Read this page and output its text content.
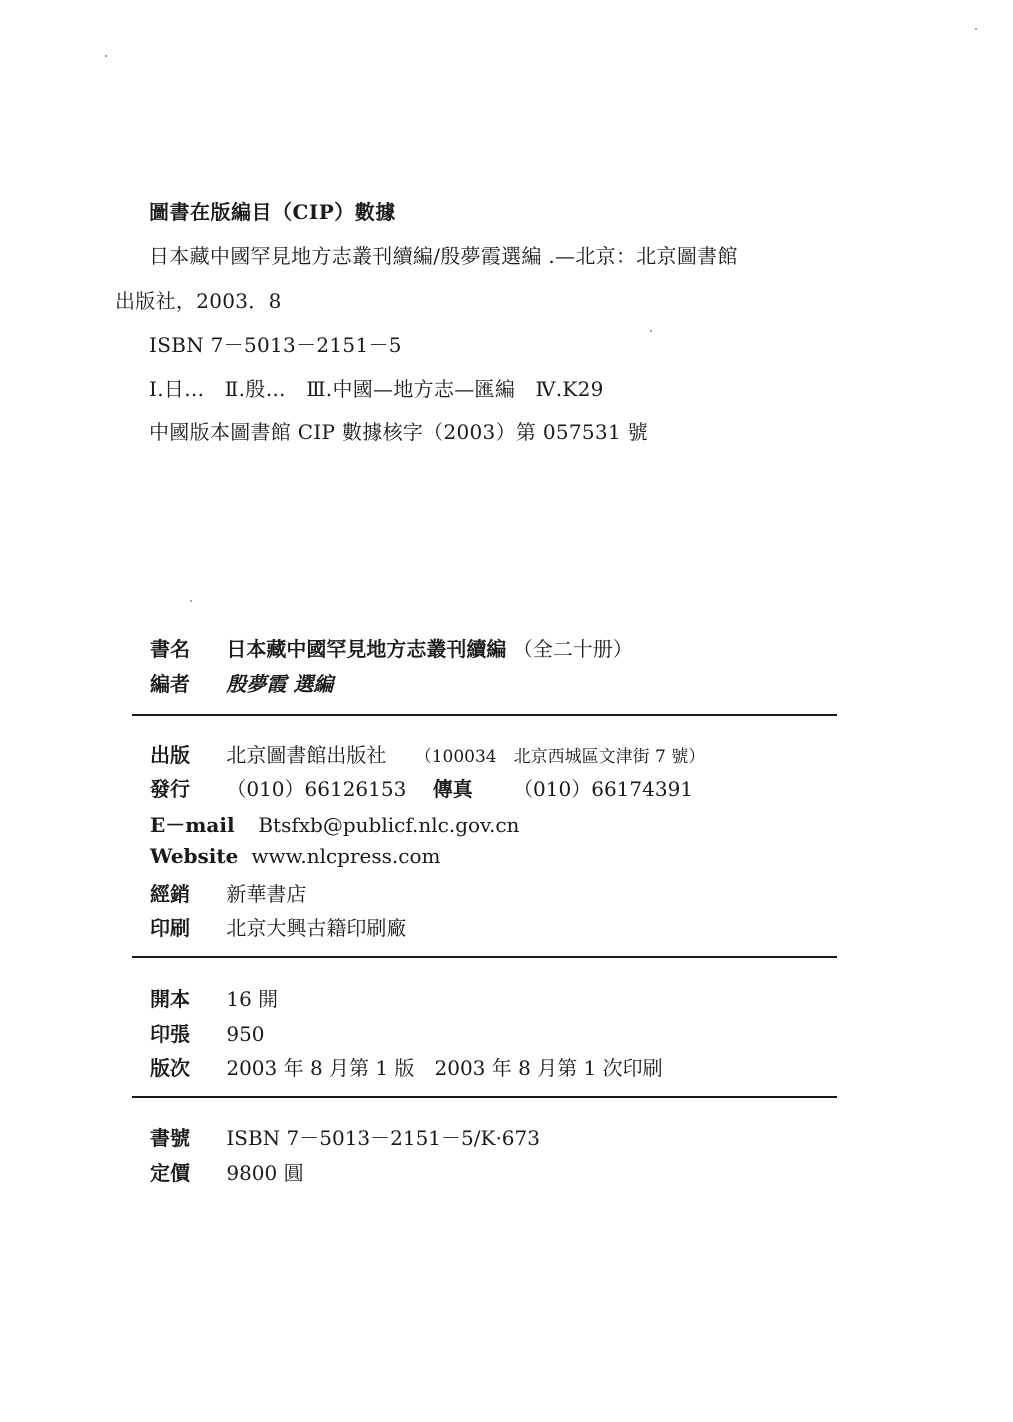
圖書在版編目（CIP）數據
日本藏中國罕見地方志叢刊續編/殷夢霞選編 .—北京：北京圖書館
出版社，2003．8
ISBN 7－5013－2151－5
Ⅰ.日…　Ⅱ.殷…　Ⅲ.中國—地方志—匯編　Ⅳ.K29
中國版本圖書館 CIP 數據核字（2003）第 057531 號
書名 日本藏中國罕見地方志叢刊續編 （全二十册）
編者 殷夢霞 選編
出版 北京圖書館出版社 （100034　北京西城區文津街 7 號）
發行 （010）66126153 傳真 （010）66174391
E－mail Btsfxb@publicf.nlc.gov.cn
Website www.nlcpress.com
經銷 新華書店
印刷 北京大興古籍印刷廠
開本 16 開
印張 950
版次 2003 年 8 月第 1 版　2003 年 8 月第 1 次印刷
書號 ISBN 7－5013－2151－5/K·673
定價 9800 圓
